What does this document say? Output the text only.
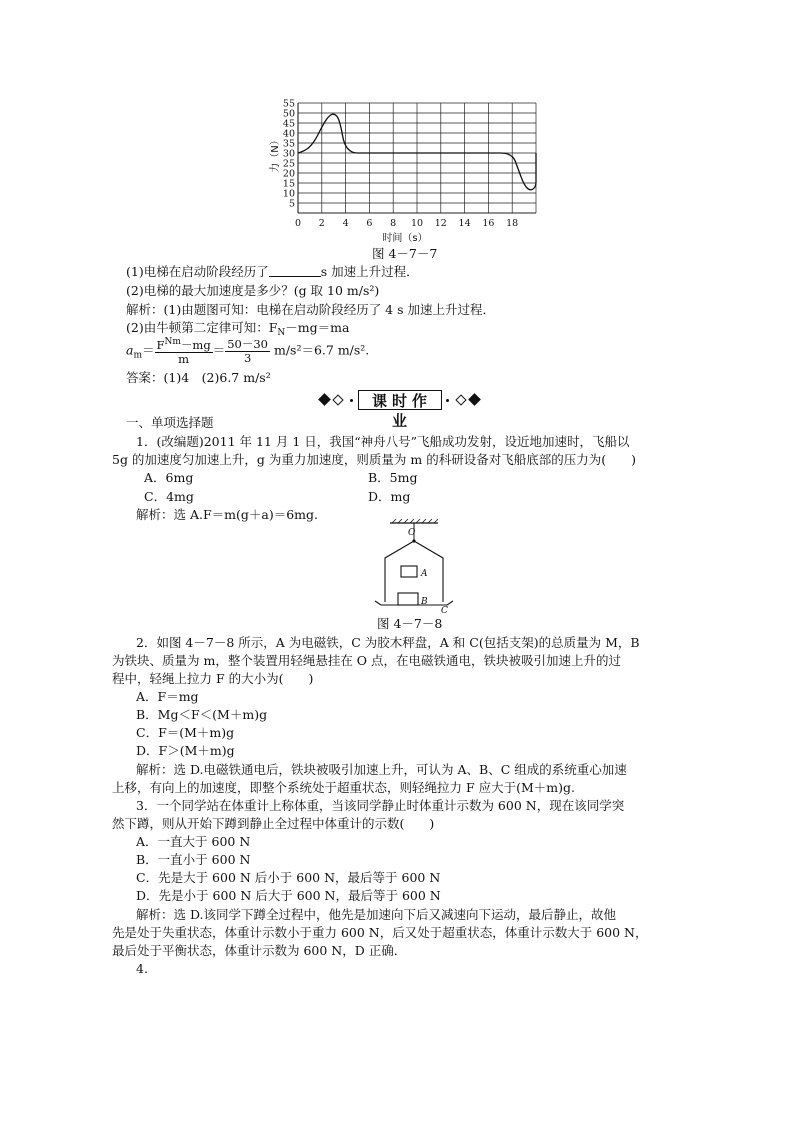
5
10
15
20
25
30
35
40
45
50
55
0 2 4 6 8 10 12 14 16 18
力（N）
时间（s）
图 4－7－7
(1)电梯在启动阶段经历了	s 加速上升过程．
(2)电梯的最大加速度是多少？(g 取 10 m/s²)
解析：(1)由题图可知：电梯在启动阶段经历了 4 s 加速上升过程．
(2)由牛顿第二定律可知：$F_N-mg=ma$
$a_m= \frac{F^{Nm}-mg}{m} = \frac{50-30}{3} m/s^2=6.7$ m/s².
答案：(1)4　(2)6.7 m/s²
课时作业
一、单项选择题
1．(改编题)2011 年 11 月 1 日，我国“神舟八号”飞船成功发射，设近地加速时，飞船以
5g 的加速度匀加速上升，g 为重力加速度，则质量为 m 的科研设备对飞船底部的压力为(　　)
A．6mg	B．5mg
C．4mg	D．mg
解析：选 A.F＝m(g＋a)＝6mg.
O
A
B
C
图 4－7－8
2．如图 4－7－8 所示，A 为电磁铁，C 为胶木秤盘，A 和 C(包括支架)的总质量为 M，B
为铁块、质量为 m，整个装置用轻绳悬挂在 O 点，在电磁铁通电，铁块被吸引加速上升的过
程中，轻绳上拉力 F 的大小为(　　)
A．F＝mg
B．Mg＜F＜(M＋m)g
C．F＝(M＋m)g
D．F＞(M＋m)g
解析：选 D.电磁铁通电后，铁块被吸引加速上升，可认为 A、B、C 组成的系统重心加速
上移，有向上的加速度，即整个系统处于超重状态，则轻绳拉力 F 应大于(M＋m)g.
3．一个同学站在体重计上称体重，当该同学静止时体重计示数为 600 N，现在该同学突
然下蹲，则从开始下蹲到静止全过程中体重计的示数(　　)
A．一直大于 600 N
B．一直小于 600 N
C．先是大于 600 N 后小于 600 N，最后等于 600 N
D．先是小于 600 N 后大于 600 N，最后等于 600 N
解析：选 D.该同学下蹲全过程中，他先是加速向下后又减速向下运动，最后静止，故他
先是处于失重状态，体重计示数小于重力 600 N，后又处于超重状态，体重计示数大于 600 N，
最后处于平衡状态，体重计示数为 600 N，D 正确．
4.
